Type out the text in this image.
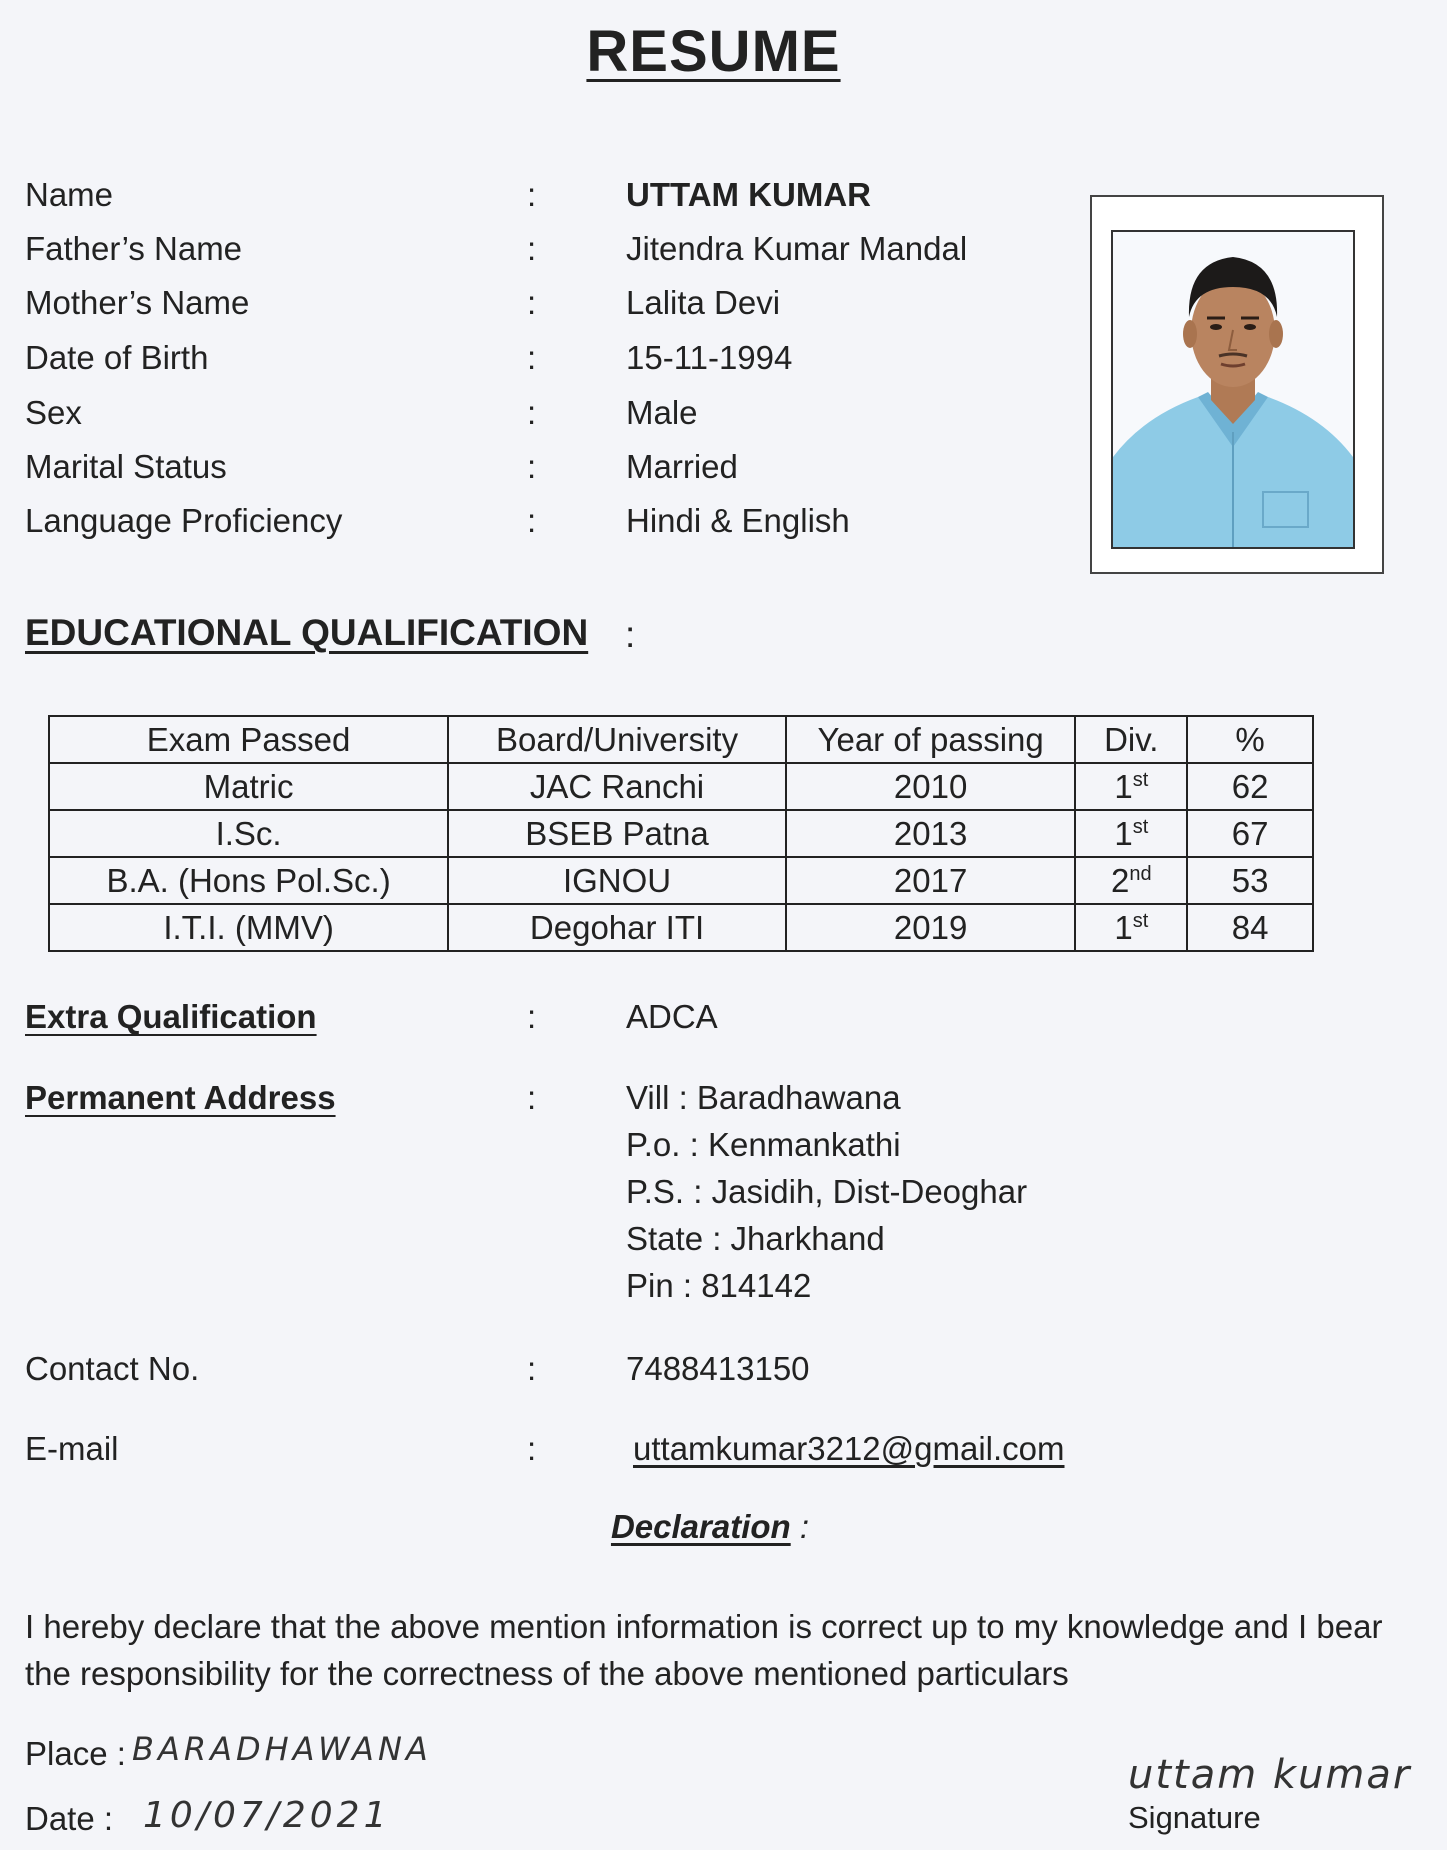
RESUME
Name	:	UTTAM KUMAR
Father’s Name	:	Jitendra Kumar Mandal
Mother’s Name	:	Lalita Devi
Date of Birth	:	15-11-1994
Sex	:	Male
Marital Status	:	Married
Language Proficiency	:	Hindi & English
EDUCATIONAL QUALIFICATION :
Exam Passed	Board/University	Year of passing	Div.	%
Matric	JAC Ranchi	2010	1st	62
I.Sc.	BSEB Patna	2013	1st	67
B.A. (Hons Pol.Sc.)	IGNOU	2017	2nd	53
I.T.I. (MMV)	Degohar ITI	2019	1st	84
Extra Qualification	:	ADCA
Permanent Address	:	Vill : Baradhawana
P.o. : Kenmankathi
P.S. : Jasidih, Dist-Deoghar
State : Jharkhand
Pin : 814142
Contact No.	:	7488413150
E-mail	:	uttamkumar3212@gmail.com
Declaration :
I hereby declare that the above mention information is correct up to my knowledge and I bear the responsibility for the correctness of the above mentioned particulars
Place : BARADHAWANA
Date : 10/07/2021
uttam kumar
Signature
